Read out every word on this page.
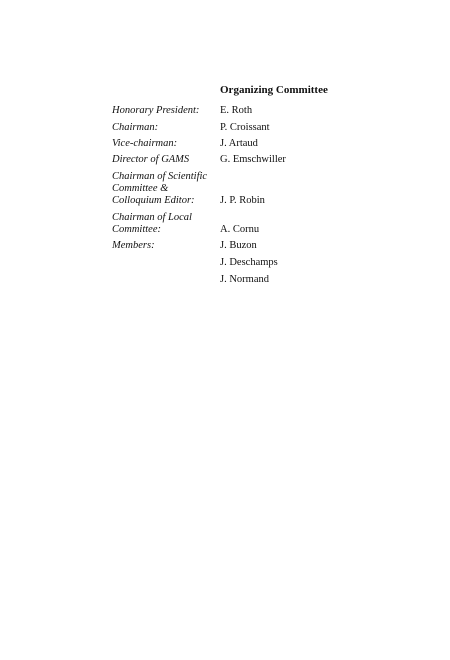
Organizing Committee
Honorary President: E. Roth
Chairman:	P. Croissant
Vice-chairman:	J. Artaud
Director of GAMS	G. Emschwiller
Chairman of Scientific
Committee &
Colloquium Editor: J. P. Robin
Chairman of Local
Committee:	A. Cornu
Members:	J. Buzon
J. Deschamps
J. Normand
